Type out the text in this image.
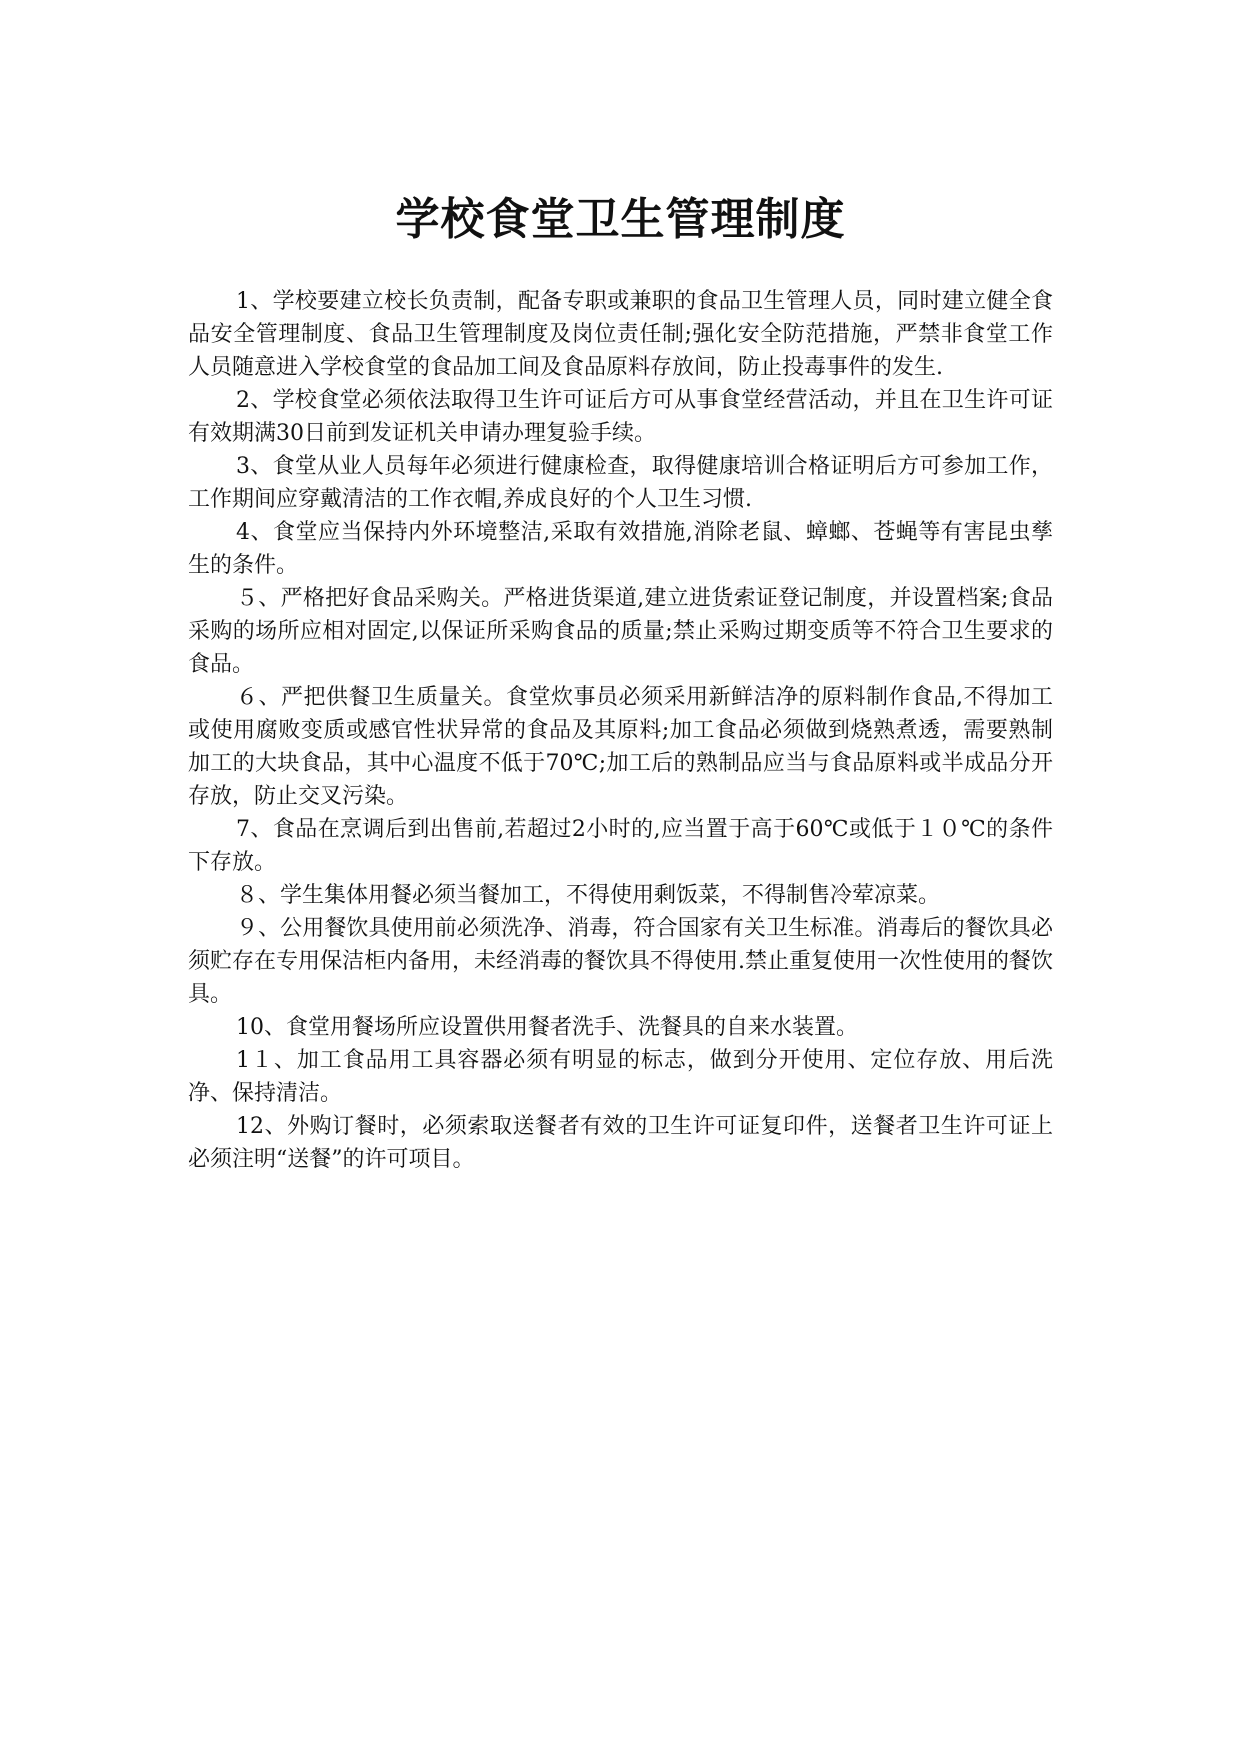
学校食堂卫生管理制度

1、学校要建立校长负责制，配备专职或兼职的食品卫生管理人员，同时建立健全食品安全管理制度、食品卫生管理制度及岗位责任制;强化安全防范措施，严禁非食堂工作人员随意进入学校食堂的食品加工间及食品原料存放间，防止投毒事件的发生.

2、学校食堂必须依法取得卫生许可证后方可从事食堂经营活动，并且在卫生许可证有效期满30日前到发证机关申请办理复验手续。

3、食堂从业人员每年必须进行健康检查，取得健康培训合格证明后方可参加工作，工作期间应穿戴清洁的工作衣帽,养成良好的个人卫生习惯.

4、食堂应当保持内外环境整洁,采取有效措施,消除老鼠、蟑螂、苍蝇等有害昆虫孳生的条件。

５、严格把好食品采购关。严格进货渠道,建立进货索证登记制度，并设置档案;食品采购的场所应相对固定,以保证所采购食品的质量;禁止采购过期变质等不符合卫生要求的食品。

６、严把供餐卫生质量关。食堂炊事员必须采用新鲜洁净的原料制作食品,不得加工或使用腐败变质或感官性状异常的食品及其原料;加工食品必须做到烧熟煮透，需要熟制加工的大块食品，其中心温度不低于70℃;加工后的熟制品应当与食品原料或半成品分开存放，防止交叉污染。

7、食品在烹调后到出售前,若超过2小时的,应当置于高于60℃或低于１０℃的条件下存放。

８、学生集体用餐必须当餐加工，不得使用剩饭菜，不得制售冷荤凉菜。

９、公用餐饮具使用前必须洗净、消毒，符合国家有关卫生标准。消毒后的餐饮具必须贮存在专用保洁柜内备用，未经消毒的餐饮具不得使用.禁止重复使用一次性使用的餐饮具。

10、食堂用餐场所应设置供用餐者洗手、洗餐具的自来水装置。

1１、加工食品用工具容器必须有明显的标志，做到分开使用、定位存放、用后洗净、保持清洁。

12、外购订餐时，必须索取送餐者有效的卫生许可证复印件，送餐者卫生许可证上必须注明“送餐”的许可项目。
